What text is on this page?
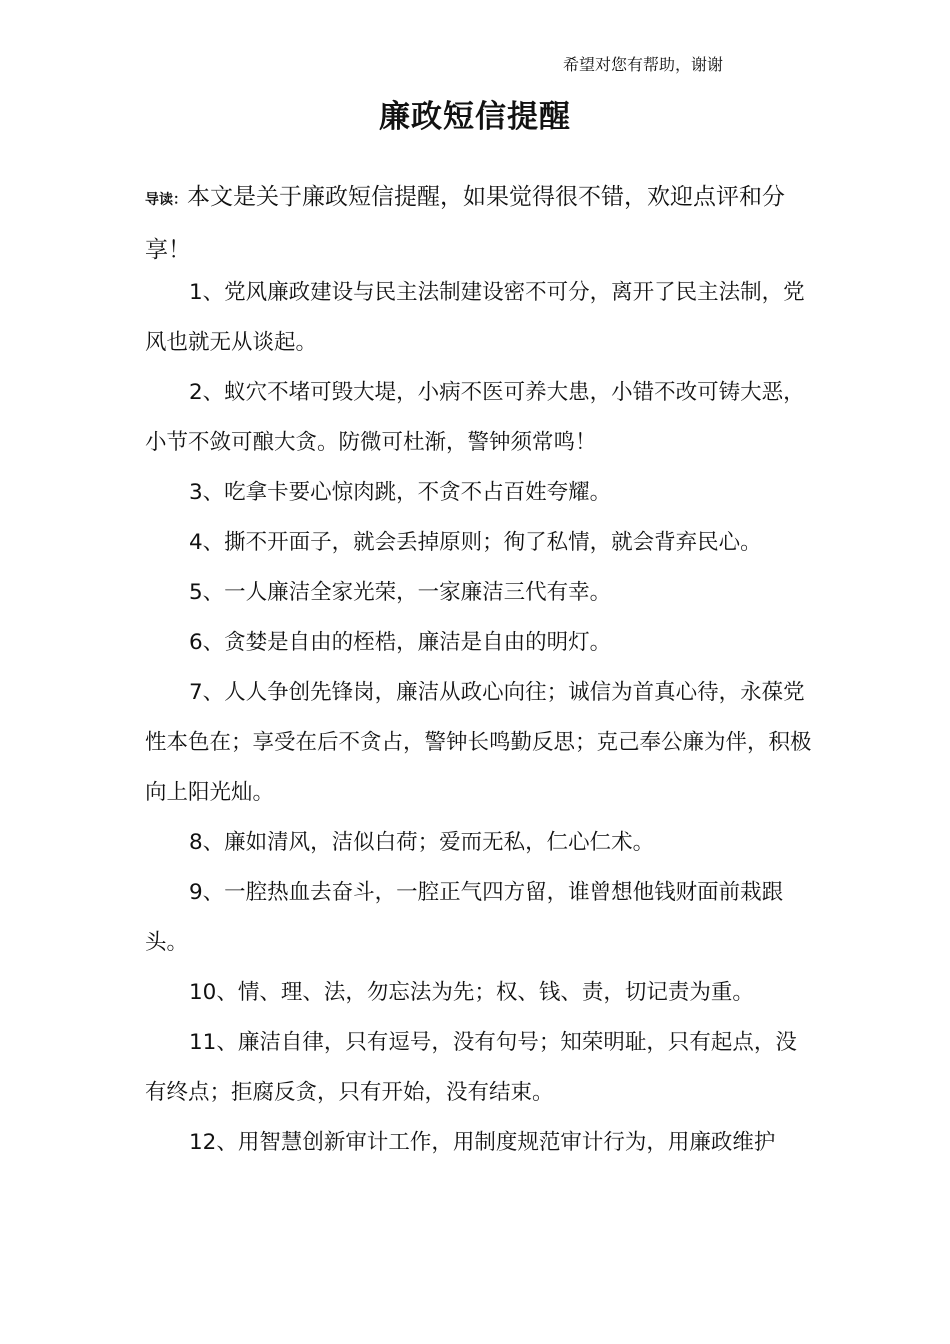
希望对您有帮助，谢谢
廉政短信提醒
导读：本文是关于廉政短信提醒，如果觉得很不错，欢迎点评和分享！

1、党风廉政建设与民主法制建设密不可分，离开了民主法制，党风也就无从谈起。

2、蚁穴不堵可毁大堤，小病不医可养大患，小错不改可铸大恶，小节不敛可酿大贪。防微可杜渐，警钟须常鸣！

3、吃拿卡要心惊肉跳，不贪不占百姓夸耀。

4、撕不开面子，就会丢掉原则；徇了私情，就会背弃民心。

5、一人廉洁全家光荣，一家廉洁三代有幸。

6、贪婪是自由的桎梏，廉洁是自由的明灯。

7、人人争创先锋岗，廉洁从政心向往；诚信为首真心待，永葆党性本色在；享受在后不贪占，警钟长鸣勤反思；克己奉公廉为伴，积极向上阳光灿。

8、廉如清风，洁似白荷；爱而无私，仁心仁术。

9、一腔热血去奋斗，一腔正气四方留，谁曾想他钱财面前栽跟头。

10、情、理、法，勿忘法为先；权、钱、责，切记责为重。

11、廉洁自律，只有逗号，没有句号；知荣明耻，只有起点，没有终点；拒腐反贪，只有开始，没有结束。

12、用智慧创新审计工作，用制度规范审计行为，用廉政维护
